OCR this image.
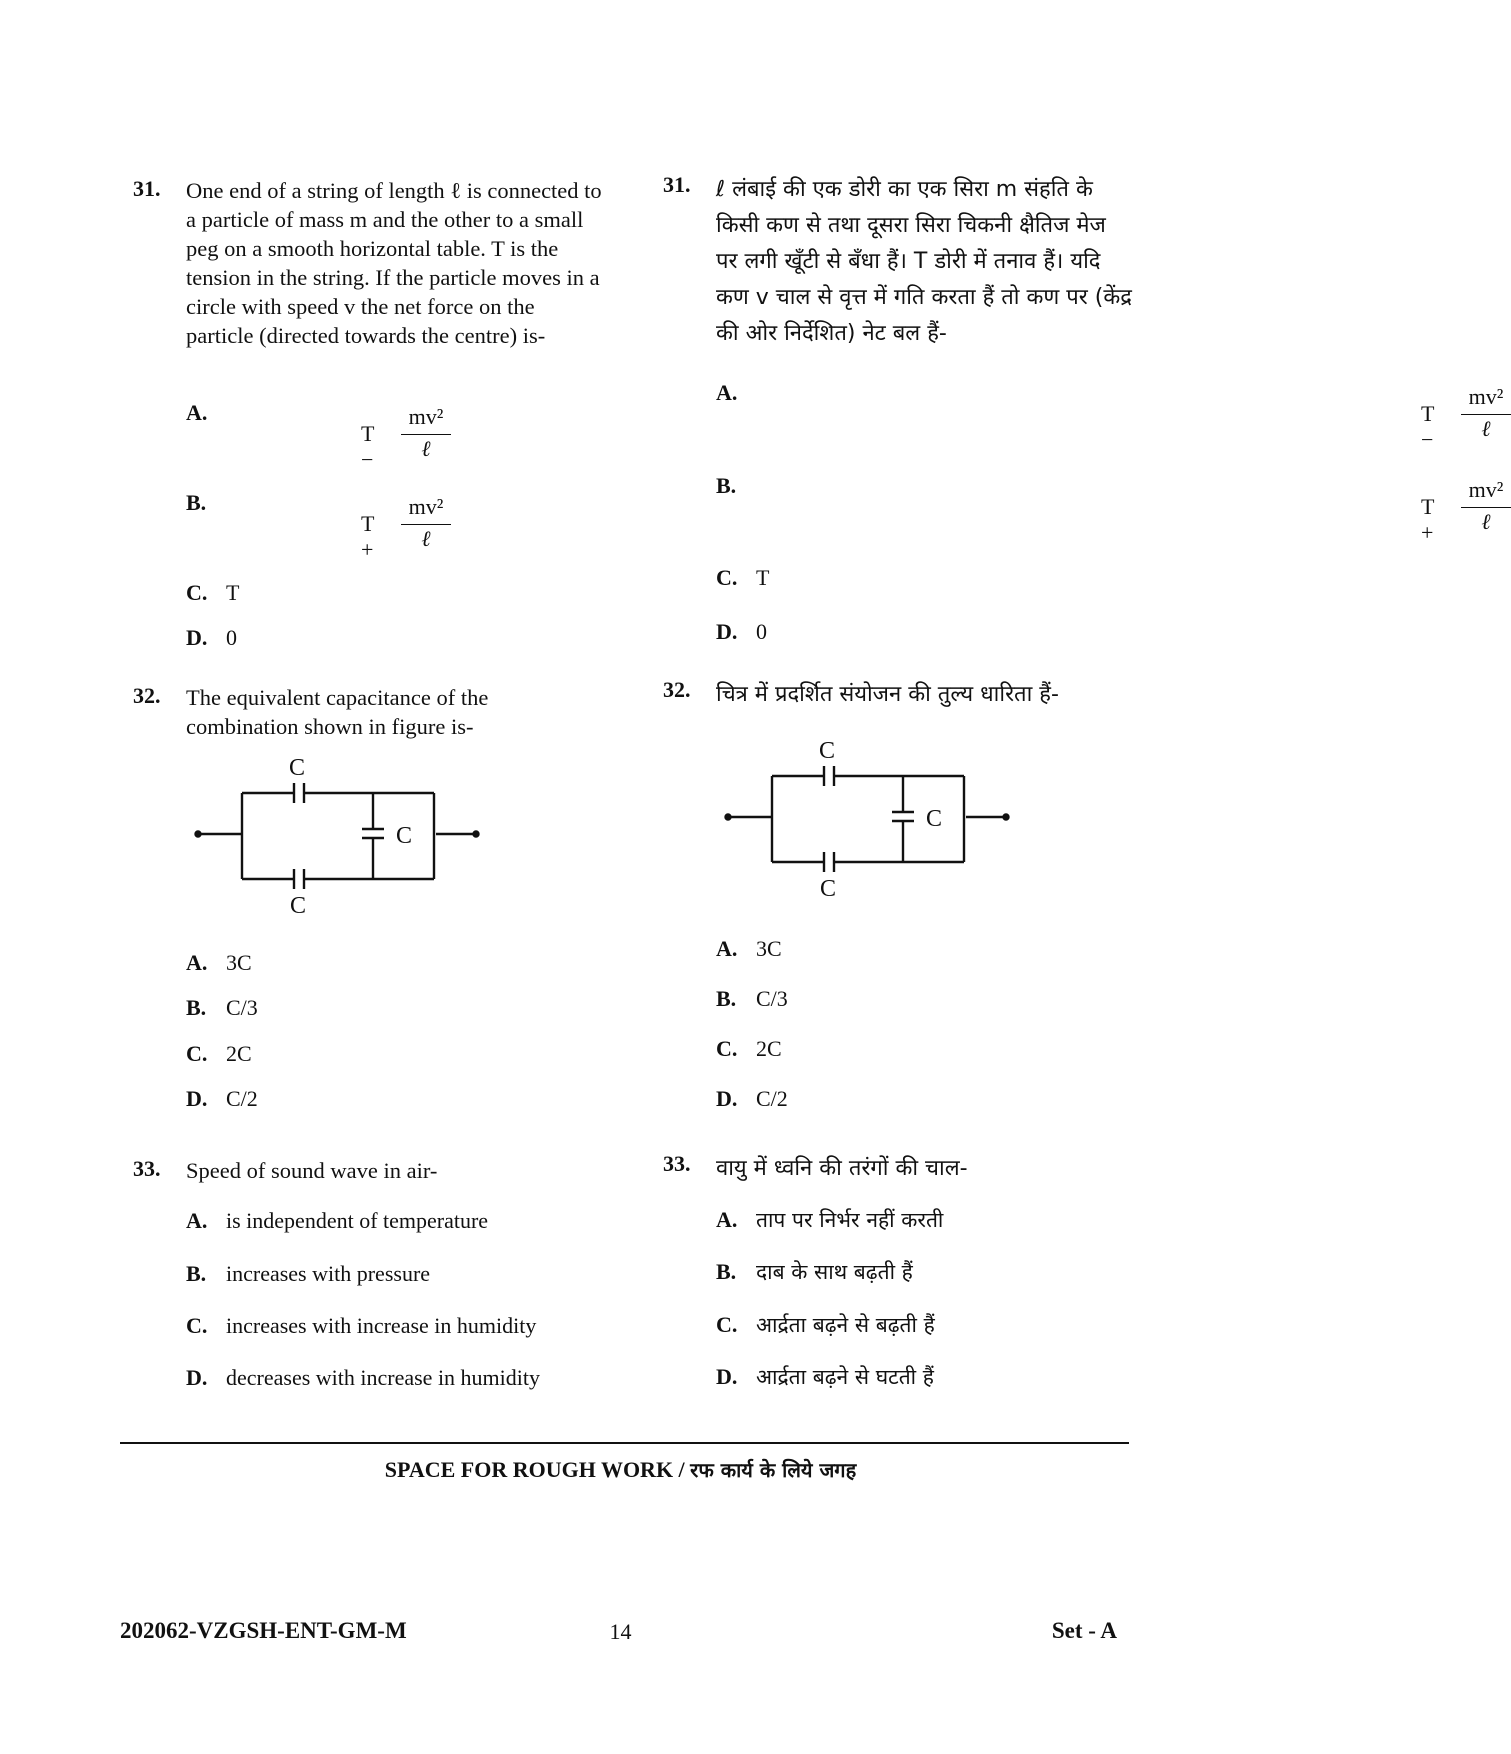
31. One end of a string of length ℓ is connected to a particle of mass m and the other to a small peg on a smooth horizontal table. T is the tension in the string. If the particle moves in a circle with speed v the net force on the particle (directed towards the centre) is-
A.
T −
mv²
ℓ
B.
T +
mv²
ℓ
C. T
D. 0
32. The equivalent capacitance of the combination shown in figure is-
C
C
C
A. 3C
B. C/3
C. 2C
D. C/2
33. Speed of sound wave in air-
A. is independent of temperature
B. increases with pressure
C. increases with increase in humidity
D. decreases with increase in humidity
31. ℓ लंबाई की एक डोरी का एक सिरा m संहति के किसी कण से तथा दूसरा सिरा चिकनी क्षैतिज मेज पर लगी खूँटी से बँधा हैं। T डोरी में तनाव हैं। यदि कण v चाल से वृत्त में गति करता हैं तो कण पर (केंद्र की ओर निर्देशित) नेट बल हैं-
A.
T −
mv²
ℓ
B.
T +
mv²
ℓ
C. T
D. 0
32. चित्र में प्रदर्शित संयोजन की तुल्य धारिता हैं-
C
C
C
A. 3C
B. C/3
C. 2C
D. C/2
33. वायु में ध्वनि की तरंगों की चाल-
A. ताप पर निर्भर नहीं करती
B. दाब के साथ बढ़ती हैं
C. आर्द्रता बढ़ने से बढ़ती हैं
D. आर्द्रता बढ़ने से घटती हैं
SPACE FOR ROUGH WORK / रफ कार्य के लिये जगह
202062-VZGSH-ENT-GM-M	14	Set - A
